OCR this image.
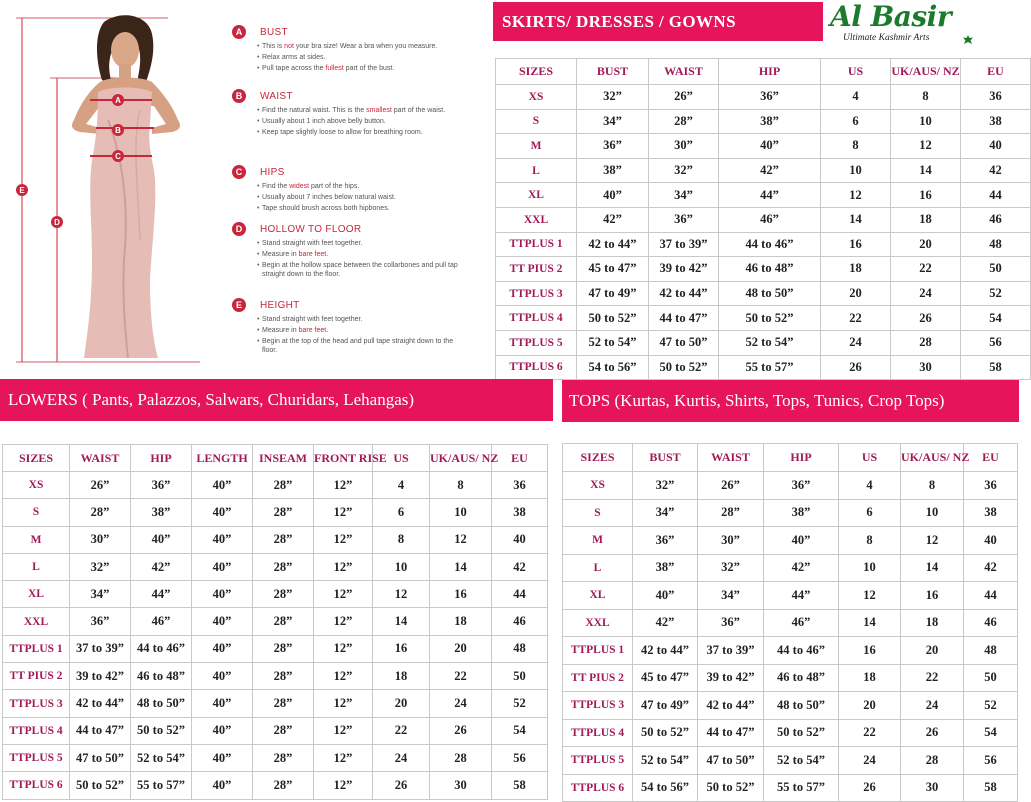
A
B
C
D
E
A	BUST
• This is not your bra size! Wear a bra when you measure.
• Relax arms at sides.
• Pull tape across the fullest part of the bust.
B	WAIST
• Find the natural waist. This is the smallest part of the waist.
• Usually about 1 inch above belly button.
• Keep tape slightly loose to allow for breathing room.
C	HIPS
• Find the widest part of the hips.
• Usually about 7 inches below natural waist.
• Tape should brush across both hipbones.
D	HOLLOW TO FLOOR
• Stand straight with feet together.
• Measure in bare feet.
• Begin at the hollow space between the collarbones and pull tap straight down to the floor.
E	HEIGHT
• Stand straight with feet together.
• Measure in bare feet.
• Begin at the top of the head and pull tape straight down to the floor.
SKIRTS/ DRESSES / GOWNS	Al Basir
Ultimate Kashmir Arts
SIZES	BUST	WAIST	HIP	US	UK/AUS/ NZ	EU
XS	32”	26”	36”	4	8	36
S	34”	28”	38”	6	10	38
M	36”	30”	40”	8	12	40
L	38”	32”	42”	10	14	42
XL	40”	34”	44”	12	16	44
XXL	42”	36”	46”	14	18	46
TTPLUS 1	42 to 44”	37 to 39”	44 to 46”	16	20	48
TT PIUS 2	45 to 47”	39 to 42”	46 to 48”	18	22	50
TTPLUS 3	47 to 49”	42 to 44”	48 to 50”	20	24	52
TTPLUS 4	50 to 52”	44 to 47”	50 to 52”	22	26	54
TTPLUS 5	52 to 54”	47 to 50”	52 to 54”	24	28	56
TTPLUS 6	54 to 56”	50 to 52”	55 to 57”	26	30	58
LOWERS ( Pants, Palazzos, Salwars, Churidars, Lehangas)
SIZES	WAIST	HIP	LENGTH	INSEAM	FRONT RISE	US	UK/AUS/ NZ	EU
XS	26”	36”	40”	28”	12”	4	8	36
S	28”	38”	40”	28”	12”	6	10	38
M	30”	40”	40”	28”	12”	8	12	40
L	32”	42”	40”	28”	12”	10	14	42
XL	34”	44”	40”	28”	12”	12	16	44
XXL	36”	46”	40”	28”	12”	14	18	46
TTPLUS 1	37 to 39”	44 to 46”	40”	28”	12”	16	20	48
TT PIUS 2	39 to 42”	46 to 48”	40”	28”	12”	18	22	50
TTPLUS 3	42 to 44”	48 to 50”	40”	28”	12”	20	24	52
TTPLUS 4	44 to 47”	50 to 52”	40”	28”	12”	22	26	54
TTPLUS 5	47 to 50”	52 to 54”	40”	28”	12”	24	28	56
TTPLUS 6	50 to 52”	55 to 57”	40”	28”	12”	26	30	58
TOPS (Kurtas, Kurtis, Shirts, Tops, Tunics, Crop Tops)
SIZES	BUST	WAIST	HIP	US	UK/AUS/ NZ	EU
XS	32”	26”	36”	4	8	36
S	34”	28”	38”	6	10	38
M	36”	30”	40”	8	12	40
L	38”	32”	42”	10	14	42
XL	40”	34”	44”	12	16	44
XXL	42”	36”	46”	14	18	46
TTPLUS 1	42 to 44”	37 to 39”	44 to 46”	16	20	48
TT PIUS 2	45 to 47”	39 to 42”	46 to 48”	18	22	50
TTPLUS 3	47 to 49”	42 to 44”	48 to 50”	20	24	52
TTPLUS 4	50 to 52”	44 to 47”	50 to 52”	22	26	54
TTPLUS 5	52 to 54”	47 to 50”	52 to 54”	24	28	56
TTPLUS 6	54 to 56”	50 to 52”	55 to 57”	26	30	58
